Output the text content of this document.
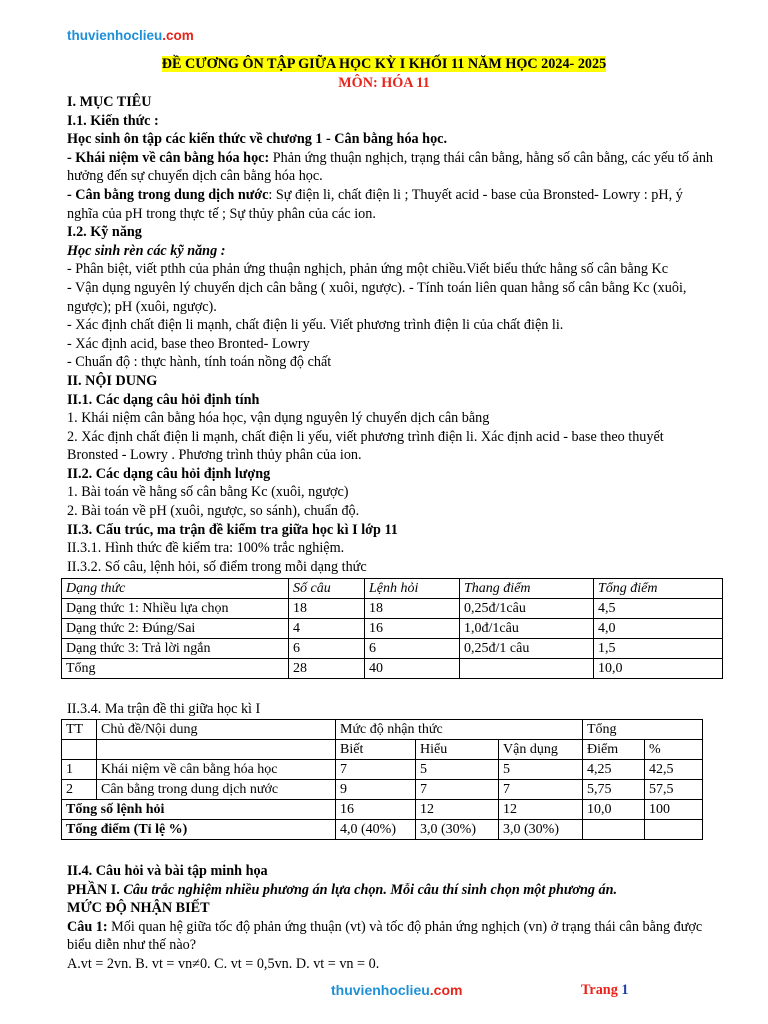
thuvienhoclieu.com
ĐỀ CƯƠNG ÔN TẬP GIỮA HỌC KỲ I KHỐI 11 NĂM HỌC 2024- 2025
MÔN: HÓA 11

I. MỤC TIÊU

I.1. Kiến thức :

Học sinh ôn tập các kiến thức về chương 1 - Cân bằng hóa học.

- Khái niệm về cân bằng hóa học: Phản ứng thuận nghịch, trạng thái cân bằng, hằng số cân bằng, các yếu tố ảnh hưởng đến sự chuyển dịch cân bằng hóa học.

- Cân bằng trong dung dịch nước: Sự điện li, chất điện li ; Thuyết acid - base của Bronsted- Lowry : pH, ý nghĩa của pH trong thực tế ; Sự thủy phân của các ion.

I.2. Kỹ năng

Học sinh rèn các kỹ năng :

- Phân biệt, viết pthh của phản ứng thuận nghịch, phản ứng một chiều.Viết biểu thức hằng số cân bằng Kc

- Vận dụng nguyên lý chuyển dịch cân bằng ( xuôi, ngược). - Tính toán liên quan hằng số cân bằng Kc (xuôi, ngược); pH (xuôi, ngược).

- Xác định chất điện li mạnh, chất điện li yếu. Viết phương trình điện li của chất điện li.

- Xác định acid, base theo Bronted- Lowry

- Chuẩn độ : thực hành, tính toán nồng độ chất

II. NỘI DUNG

II.1. Các dạng câu hỏi định tính

1. Khái niệm cân bằng hóa học, vận dụng nguyên lý chuyển dịch cân bằng

2. Xác định chất điện li mạnh, chất điện li yếu, viết phương trình điện li. Xác định acid - base theo thuyết Bronsted - Lowry . Phương trình thủy phân của ion.

II.2. Các dạng câu hỏi định lượng

1. Bài toán về hằng số cân bằng Kc (xuôi, ngược)

2. Bài toán về pH (xuôi, ngược, so sánh), chuẩn độ.

II.3. Cấu trúc, ma trận đề kiểm tra giữa học kì I lớp 11

II.3.1. Hình thức đề kiểm tra: 100% trắc nghiệm.

II.3.2. Số câu, lệnh hỏi, số điểm trong mỗi dạng thức

Dạng thức	Số câu	Lệnh hỏi	Thang điểm	Tổng điểm
Dạng thức 1: Nhiều lựa chọn	18	18	0,25đ/1câu	4,5
Dạng thức 2: Đúng/Sai	4	16	1,0đ/1câu	4,0
Dạng thức 3: Trả lời ngắn	6	6	0,25đ/1 câu	1,5
Tổng	28	40		10,0
II.3.4. Ma trận đề thi giữa học kì I
TT	Chủ đề/Nội dung	Mức độ nhận thức			Tổng	
		Biết	Hiểu	Vận dụng	Điểm	%
1	Khái niệm về cân bằng hóa học	7	5	5	4,25	42,5
2	Cân bằng trong dung dịch nước	9	7	7	5,75	57,5
Tổng số lệnh hỏi		16	12	12	10,0	100
Tổng điểm (Tỉ lệ %)		4,0 (40%)	3,0 (30%)	3,0 (30%)		

II.4. Câu hỏi và bài tập minh họa

PHẦN I. Câu trắc nghiệm nhiều phương án lựa chọn. Mỗi câu thí sinh chọn một phương án.

MỨC ĐỘ NHẬN BIẾT

Câu 1: Mối quan hệ giữa tốc độ phản ứng thuận (vt) và tốc độ phản ứng nghịch (vn) ở trạng thái cân bằng được biểu diễn như thế nào?

A.vt = 2vn. B. vt = vn≠0. C. vt = 0,5vn. D. vt = vn = 0.

thuvienhoclieu.com	Trang 1
